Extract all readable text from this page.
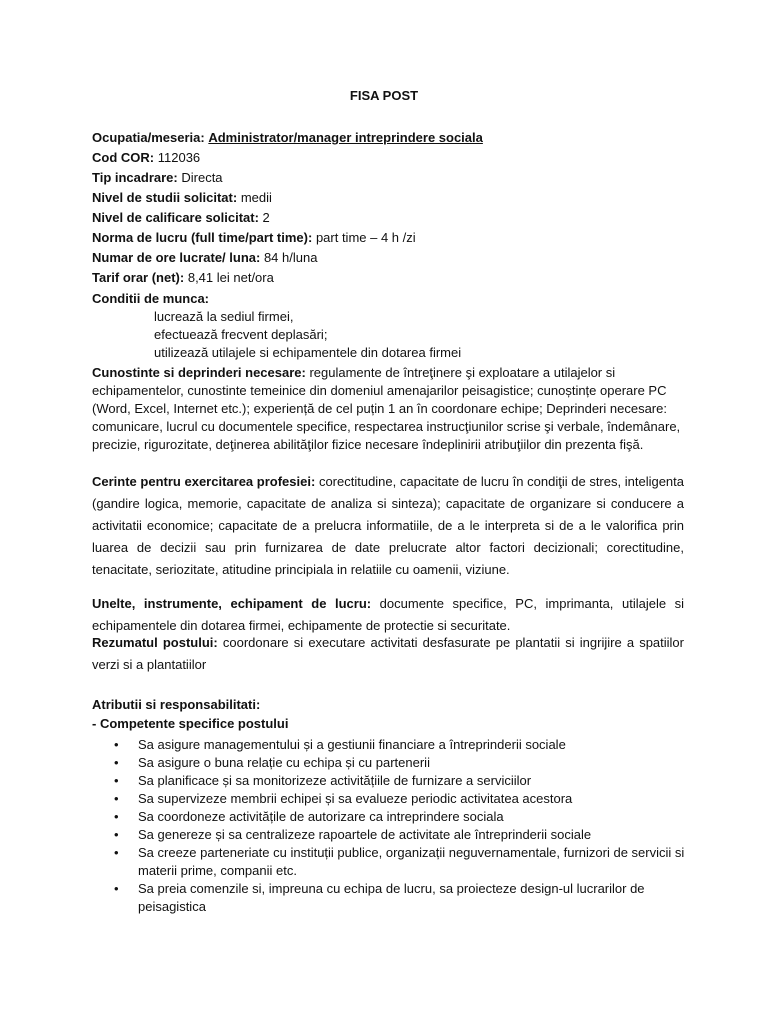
FISA POST
Ocupatia/meseria: Administrator/manager intreprindere sociala
Cod COR: 112036
Tip incadrare: Directa
Nivel de studii solicitat: medii
Nivel de calificare solicitat: 2
Norma de lucru (full time/part time): part time – 4 h /zi
Numar de ore lucrate/ luna: 84 h/luna
Tarif orar (net): 8,41 lei net/ora
Conditii de munca:
lucrează la sediul firmei,
efectuează frecvent deplasări;
utilizează utilajele si echipamentele din dotarea firmei
Cunostinte si deprinderi necesare: regulamente de întreţinere şi exploatare a utilajelor si echipamentelor, cunostinte temeinice din domeniul amenajarilor peisagistice; cunoștințe operare PC (Word, Excel, Internet etc.); experiență de cel puțin 1 an în coordonare echipe; Deprinderi necesare: comunicare, lucrul cu documentele specifice, respectarea instrucţiunilor scrise şi verbale, îndemânare, precizie, rigurozitate, deţinerea abilităţilor fizice necesare îndeplinirii atribuţiilor din prezenta fişă.
Cerinte pentru exercitarea profesiei: corectitudine, capacitate de lucru în condiţii de stres, inteligenta (gandire logica, memorie, capacitate de analiza si sinteza); capacitate de organizare si conducere a activitatii economice; capacitate de a prelucra informatiile, de a le interpreta si de a le valorifica prin luarea de decizii sau prin furnizarea de date prelucrate altor factori decizionali; corectitudine, tenacitate, seriozitate, atitudine principiala in relatiile cu oamenii, viziune.
Unelte, instrumente, echipament de lucru: documente specifice, PC, imprimanta, utilajele si echipamentele din dotarea firmei, echipamente de protectie si securitate.
Rezumatul postului: coordonare si executare activitati desfasurate pe plantatii si ingrijire a spatiilor verzi si a plantatiilor
Atributii si responsabilitati:
- Competente specifice postului
• Sa asigure managementului și a gestiunii financiare a întreprinderii sociale
• Sa asigure o buna relație cu echipa și cu partenerii
• Sa planificace și sa monitorizeze activitățiile de furnizare a serviciilor
• Sa supervizeze membrii echipei și sa evalueze periodic activitatea acestora
• Sa coordoneze activitățile de autorizare ca intreprindere sociala
• Sa genereze și sa centralizeze rapoartele de activitate ale întreprinderii sociale
• Sa creeze parteneriate cu instituții publice, organizații neguvernamentale, furnizori de servicii si materii prime, companii etc.
• Sa preia comenzile si, impreuna cu echipa de lucru, sa proiecteze design-ul lucrarilor de peisagistica
